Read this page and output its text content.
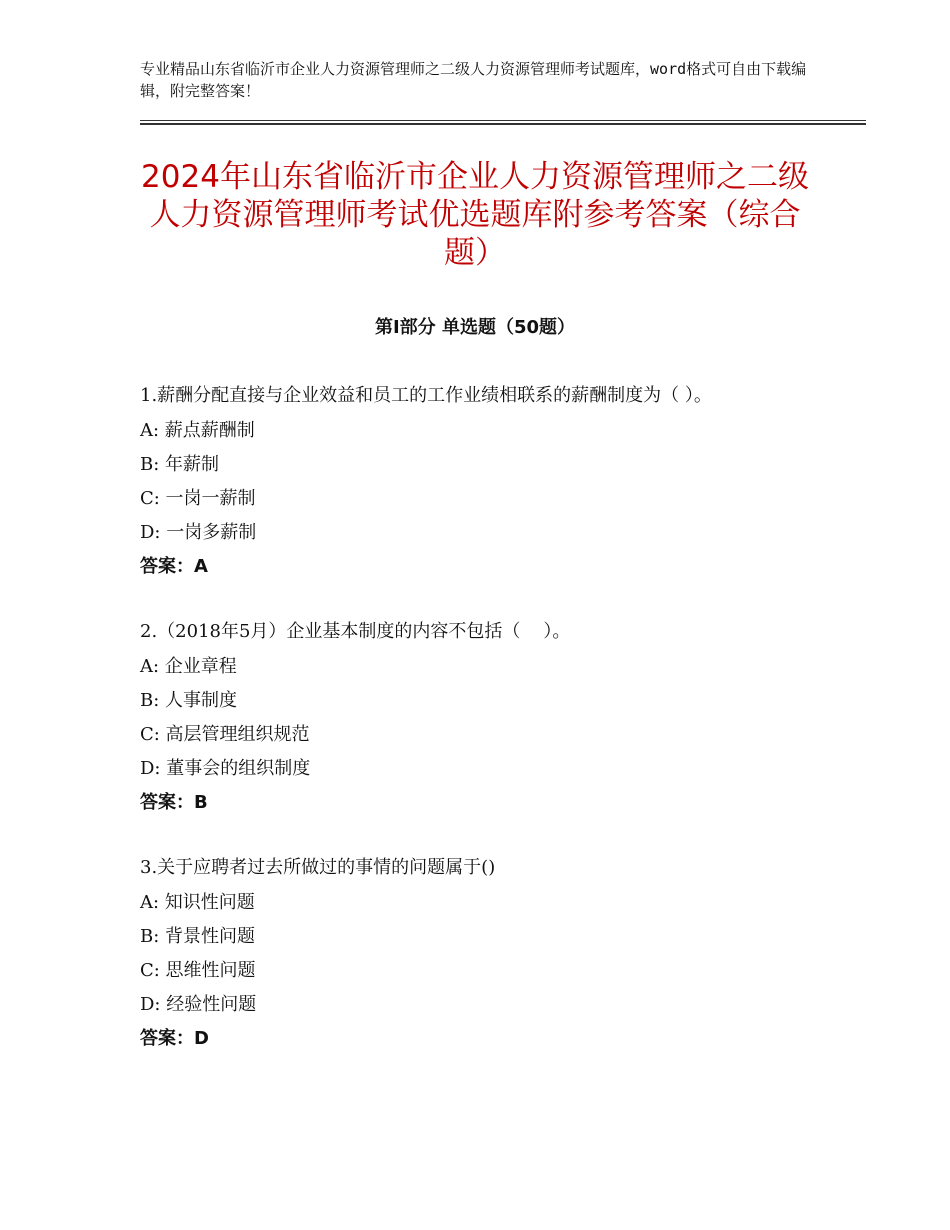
专业精品山东省临沂市企业人力资源管理师之二级人力资源管理师考试题库，word格式可自由下载编辑，附完整答案！
2024年山东省临沂市企业人力资源管理师之二级人力资源管理师考试优选题库附参考答案（综合题）
第Ⅰ部分 单选题（50题）
1.薪酬分配直接与企业效益和员工的工作业绩相联系的薪酬制度为（ ）。
A: 薪点薪酬制
B: 年薪制
C: 一岗一薪制
D: 一岗多薪制
答案：A
2.（2018年5月）企业基本制度的内容不包括（    ）。
A: 企业章程
B: 人事制度
C: 高层管理组织规范
D: 董事会的组织制度
答案：B
3.关于应聘者过去所做过的事情的问题属于()
A: 知识性问题
B: 背景性问题
C: 思维性问题
D: 经验性问题
答案：D
